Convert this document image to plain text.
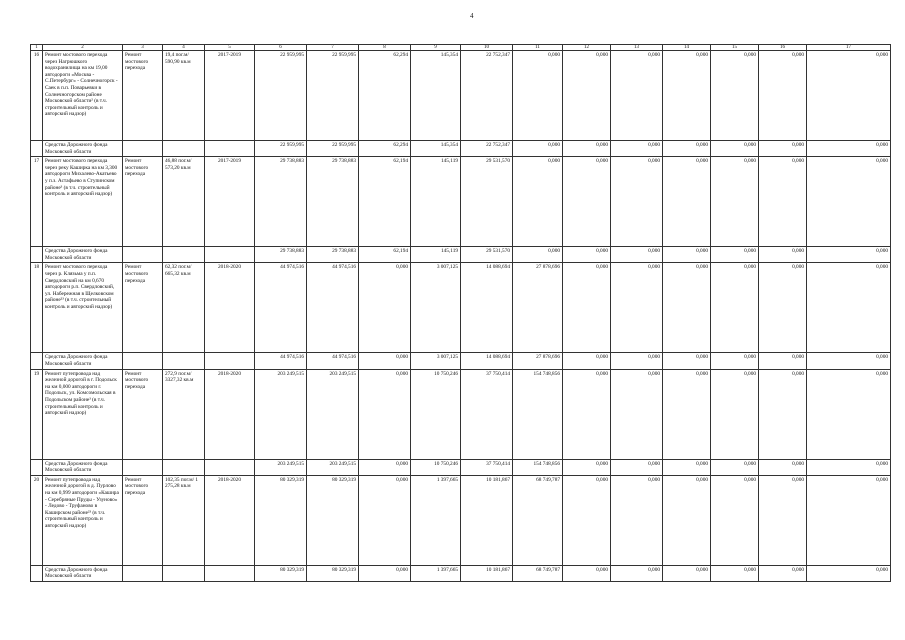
4
1	2	3	4	5	6	7	8	9	10	11	12	13	14	15	16	17
16	Ремонт мостового перехода через Нагрюшкого водохранилища на км 19,00 автодороги «Москва - С.Петербург» - Солнечногорск - Саек в п.п. Поварьевки в Солнечногорском районе Московской области² (в т.ч. строительный контроль и авторский надзор)	Ремонт мостового перехода	19,4 пог.м/ 590,90 кв.м	2017-2019	22 959,995	22 959,995	62,294	145,354	22 752,347	0,000	0,000	0,000	0,000	0,000	0,000	0,000
	Средства Дорожного фонда Московской области				22 959,995	22 959,995	62,294	145,354	22 752,347	0,000	0,000	0,000	0,000	0,000	0,000	0,000
17	Ремонт мостового перехода через реку Каширка на км 3,300 автодороги Михалево-Акатьево у п.з. Астафьево в Ступинском районе³ (в т.ч. строительный контроль и авторский надзор)	Ремонт мостового перехода	46,88 пог.м/ 573,20 кв.м	2017-2019	29 738,883	29 738,883	62,194	145,119	29 531,570	0,000	0,000	0,000	0,000	0,000	0,000	0,000
	Средства Дорожного фонда Московской области				29 738,883	29 738,883	62,194	145,119	29 531,570	0,000	0,000	0,000	0,000	0,000	0,000	0,000
18	Ремонт мостового перехода через р. Клязьма у п.п. Свердловский на км 0,670 автодороги р.п. Свердловский, ул. Набережная в Щелковском районе²³ (в т.ч. строительный контроль и авторский надзор)	Ремонт мостового перехода	62,32 пог.м/ 665,32 кв.м	2018-2020	44 974,516	44 974,516	0,000	3 007,125	14 088,694	27 878,696	0,000	0,000	0,000	0,000	0,000	0,000
	Средства Дорожного фонда Московской области				44 974,516	44 974,516	0,000	3 007,125	14 088,694	27 878,696	0,000	0,000	0,000	0,000	0,000	0,000
19	Ремонт путепровода над железной дорогой в г. Подольск на км 0,000 автодороги г. Подольск, ул. Комсомольская в Подольском районе³ (в т.ч. строительный контроль и авторский надзор)	Ремонт мостового перехода	272,9 пог.м/ 3327,32 кв.м	2018-2020	203 249,515	203 249,515	0,000	10 750,246	37 750,414	154 748,856	0,000	0,000	0,000	0,000	0,000	0,000
	Средства Дорожного фонда Московской области				203 249,515	203 249,515	0,000	10 750,246	37 750,414	154 748,856	0,000	0,000	0,000	0,000	0,000	0,000
20	Ремонт путепровода над железной дорогой в д. Пурлово на км 0,999 автодороги «Кашира - Серебряные Пруды - Узуново» - Ледово - Труфаново в Каширском районе²³ (в т.ч. строительный контроль и авторский надзор)	Ремонт мостового перехода	102,35 пог.м/ 1 275,28 кв.м	2018-2020	80 329,319	80 329,319	0,000	1 397,665	10 181,867	68 749,787	0,000	0,000	0,000	0,000	0,000	0,000
	Средства Дорожного фонда Московской области				80 329,319	80 329,319	0,000	1 397,665	10 181,867	68 749,787	0,000	0,000	0,000	0,000	0,000	0,000
